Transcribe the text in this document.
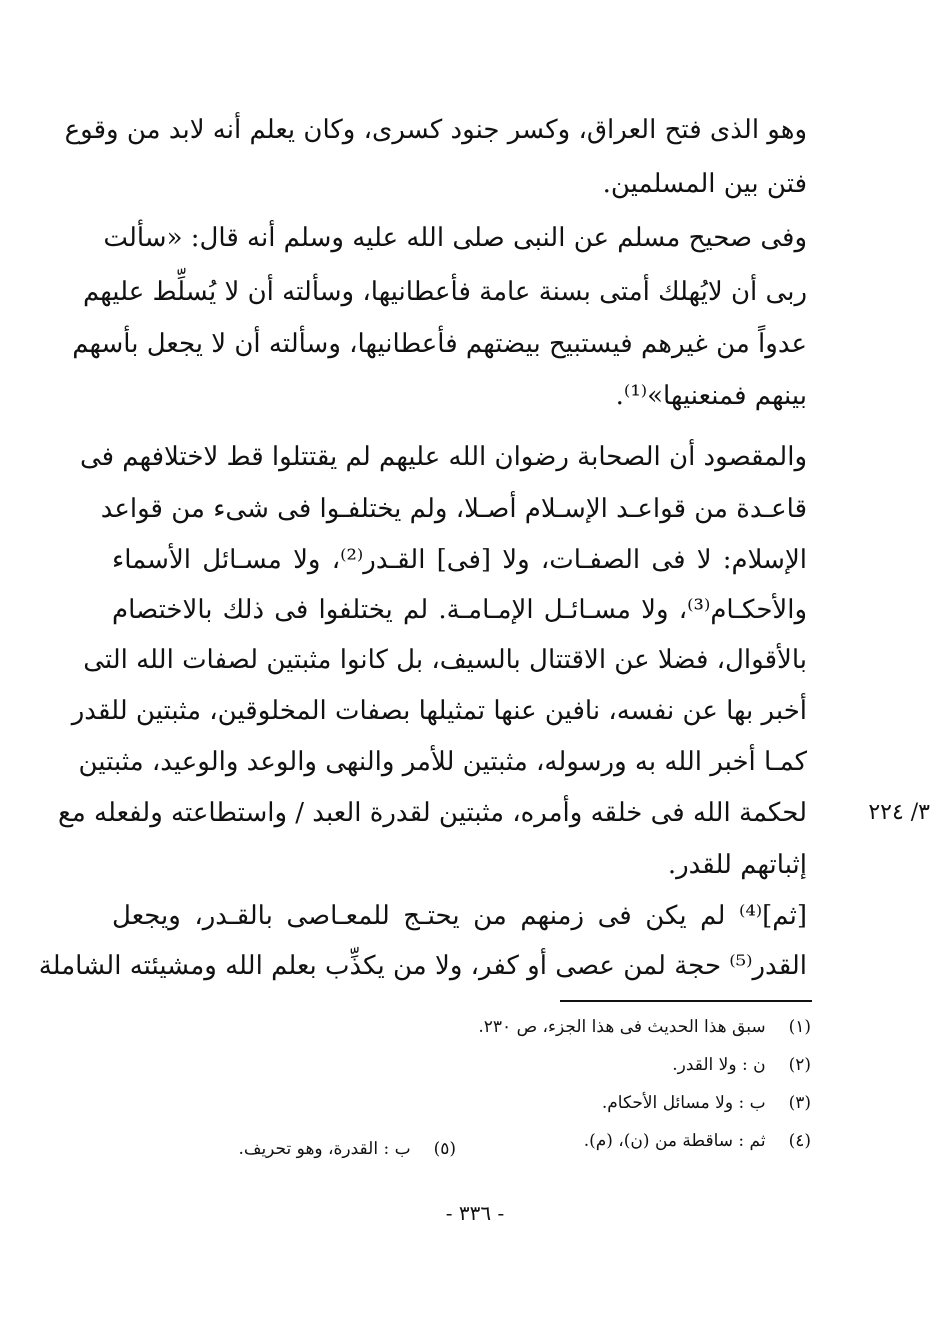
وهو الذى فتح العراق، وكسر جنود كسرى، وكان يعلم أنه لابد من وقوع
فتن بين المسلمين.
وفى صحيح مسلم عن النبى صلى الله عليه وسلم أنه قال: «سألت
ربى أن لايُهلك أمتى بسنة عامة فأعطانيها، وسألته أن لا يُسلِّط عليهم
عدواً من غيرهم فيستبيح بيضتهم فأعطانيها، وسألته أن لا يجعل بأسهم
بينهم فمنعنيها»⁽¹⁾.
والمقصود أن الصحابة رضوان الله عليهم لم يقتتلوا قط لاختلافهم فى
قاعـدة من قواعـد الإسـلام أصـلا، ولم يختلفـوا فى شىء من قواعد
الإسلام: لا فى الصفـات، ولا [فى] القـدر⁽²⁾، ولا مسـائل الأسماء
والأحكـام⁽³⁾، ولا مسـائـل الإمـامـة. لم يختلفوا فى ذلك بالاختصام
بالأقوال، فضلا عن الاقتتال بالسيف، بل كانوا مثبتين لصفات الله التى
أخبر بها عن نفسه، نافين عنها تمثيلها بصفات المخلوقين، مثبتين للقدر
كمـا أخبر الله به ورسوله، مثبتين للأمر والنهى والوعد والوعيد، مثبتين
لحكمة الله فى خلقه وأمره، مثبتين لقدرة العبد / واستطاعته ولفعله مع
إثباتهم للقدر.
[ثم]⁽⁴⁾ لم يكن فى زمنهم من يحتـج للمعـاصى بالقـدر، ويجعل
القدر⁽⁵⁾ حجة لمن عصى أو كفر، ولا من يكذِّب بعلم الله ومشيئته الشاملة
٣/ ٢٢٤
(١) سبق هذا الحديث فى هذا الجزء، ص ٢٣٠.
(٢) ن : ولا القدر.
(٣) ب : ولا مسائل الأحكام.
(٤) ثم : ساقطة من (ن)، (م).
(٥) ب : القدرة، وهو تحريف.
- ٣٣٦ -
